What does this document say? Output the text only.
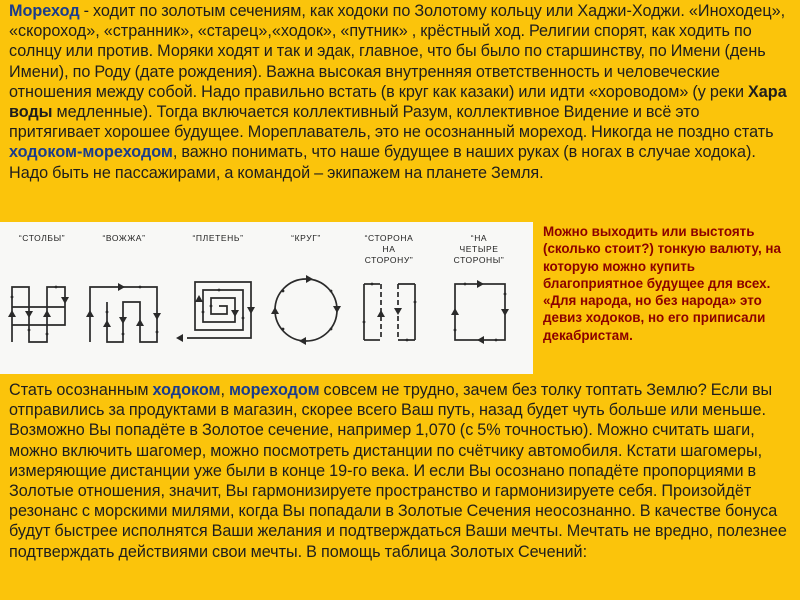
Мореход - ходит по золотым сечениям, как ходоки по Золотому кольцу или Хаджи-Ходжи. «Иноходец», «скороход», «странник», «старец»,«ходок», «путник» , крёстный ход. Религии спорят, как ходить по солнцу или против. Моряки ходят и так и эдак, главное, что бы было по старшинству, по Имени (день Имени), по Роду (дате рождения). Важна высокая внутренняя ответственность и человеческие отношения между собой. Надо правильно встать (в круг как казаки) или идти «хороводом» (у реки Хара воды медленные). Тогда включается коллективный Разум, коллективное Видение и всё это притягивает хорошее будущее. Мореплаватель, это не осознанный мореход. Никогда не поздно стать ходоком-мореходом, важно понимать, что наше будущее в наших руках (в ногах в случае ходока). Надо быть не пассажирами, а командой – экипажем на планете Земля.
“СТОЛБЫ”	“ВОЖЖА”	“ПЛЕТЕНЬ”	“КРУГ”	“СТОРОНА
НА
СТОРОНУ”
“НА
ЧЕТЫРЕ
СТОРОНЫ”
Можно выходить или выстоять (сколько стоит?) тонкую валюту, на которую можно купить благоприятное будущее для всех. «Для народа, но без народа» это девиз ходоков, но его приписали декабристам.
Стать осознанным ходоком, мореходом совсем не трудно, зачем без толку топтать Землю? Если вы отправились за продуктами в магазин, скорее всего Ваш путь, назад будет чуть больше или меньше. Возможно Вы попадёте в Золотое сечение, например 1,070 (с 5% точностью). Можно считать шаги, можно включить шагомер, можно посмотреть дистанции по счётчику автомобиля. Кстати шагомеры, измеряющие дистанции уже были в конце 19-го века. И если Вы осознано попадёте пропорциями в Золотые отношения, значит, Вы гармонизируете пространство и гармонизируете себя. Произойдёт резонанс с морскими милями, когда Вы попадали в Золотые Сечения неосознанно. В качестве бонуса будут быстрее исполнятся Ваши желания и подтверждаться Ваши мечты. Мечтать не вредно, полезнее подтверждать действиями свои мечты. В помощь таблица Золотых Сечений:
